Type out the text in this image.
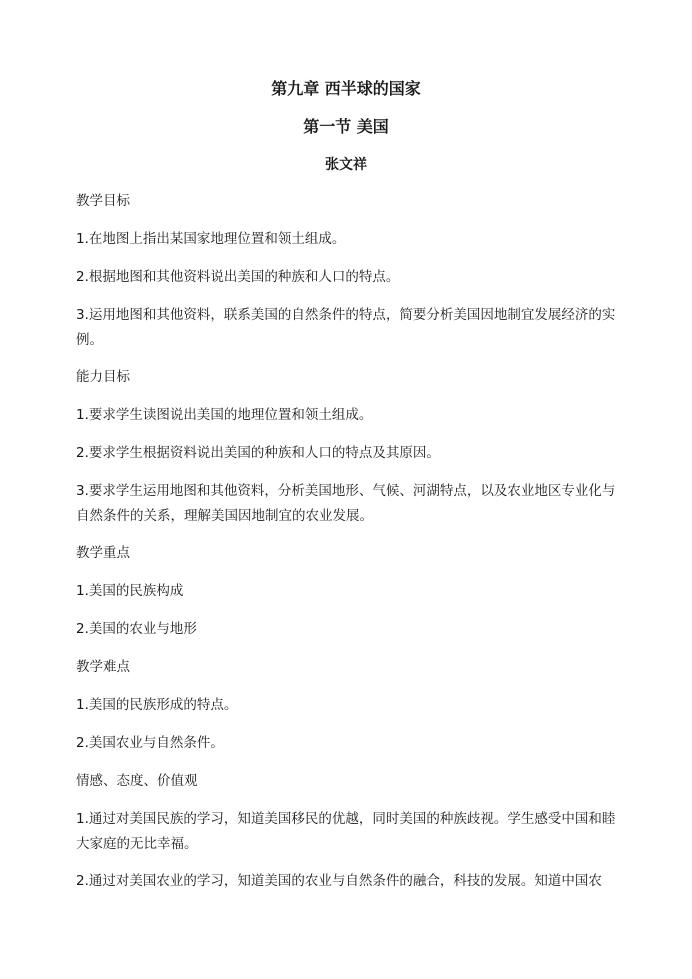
第九章 西半球的国家
第一节 美国
张文祥

教学目标

1.在地图上指出某国家地理位置和领土组成。

2.根据地图和其他资料说出美国的种族和人口的特点。

3.运用地图和其他资料，联系美国的自然条件的特点，简要分析美国因地制宜发展经济的实例。

能力目标

1.要求学生读图说出美国的地理位置和领土组成。

2.要求学生根据资料说出美国的种族和人口的特点及其原因。

3.要求学生运用地图和其他资料，分析美国地形、气候、河湖特点，以及农业地区专业化与自然条件的关系，理解美国因地制宜的农业发展。

教学重点

1.美国的民族构成

2.美国的农业与地形

教学难点

1.美国的民族形成的特点。

2.美国农业与自然条件。

情感、态度、价值观

1.通过对美国民族的学习，知道美国移民的优越，同时美国的种族歧视。学生感受中国和睦大家庭的无比幸福。

2.通过对美国农业的学习，知道美国的农业与自然条件的融合，科技的发展。知道中国农
